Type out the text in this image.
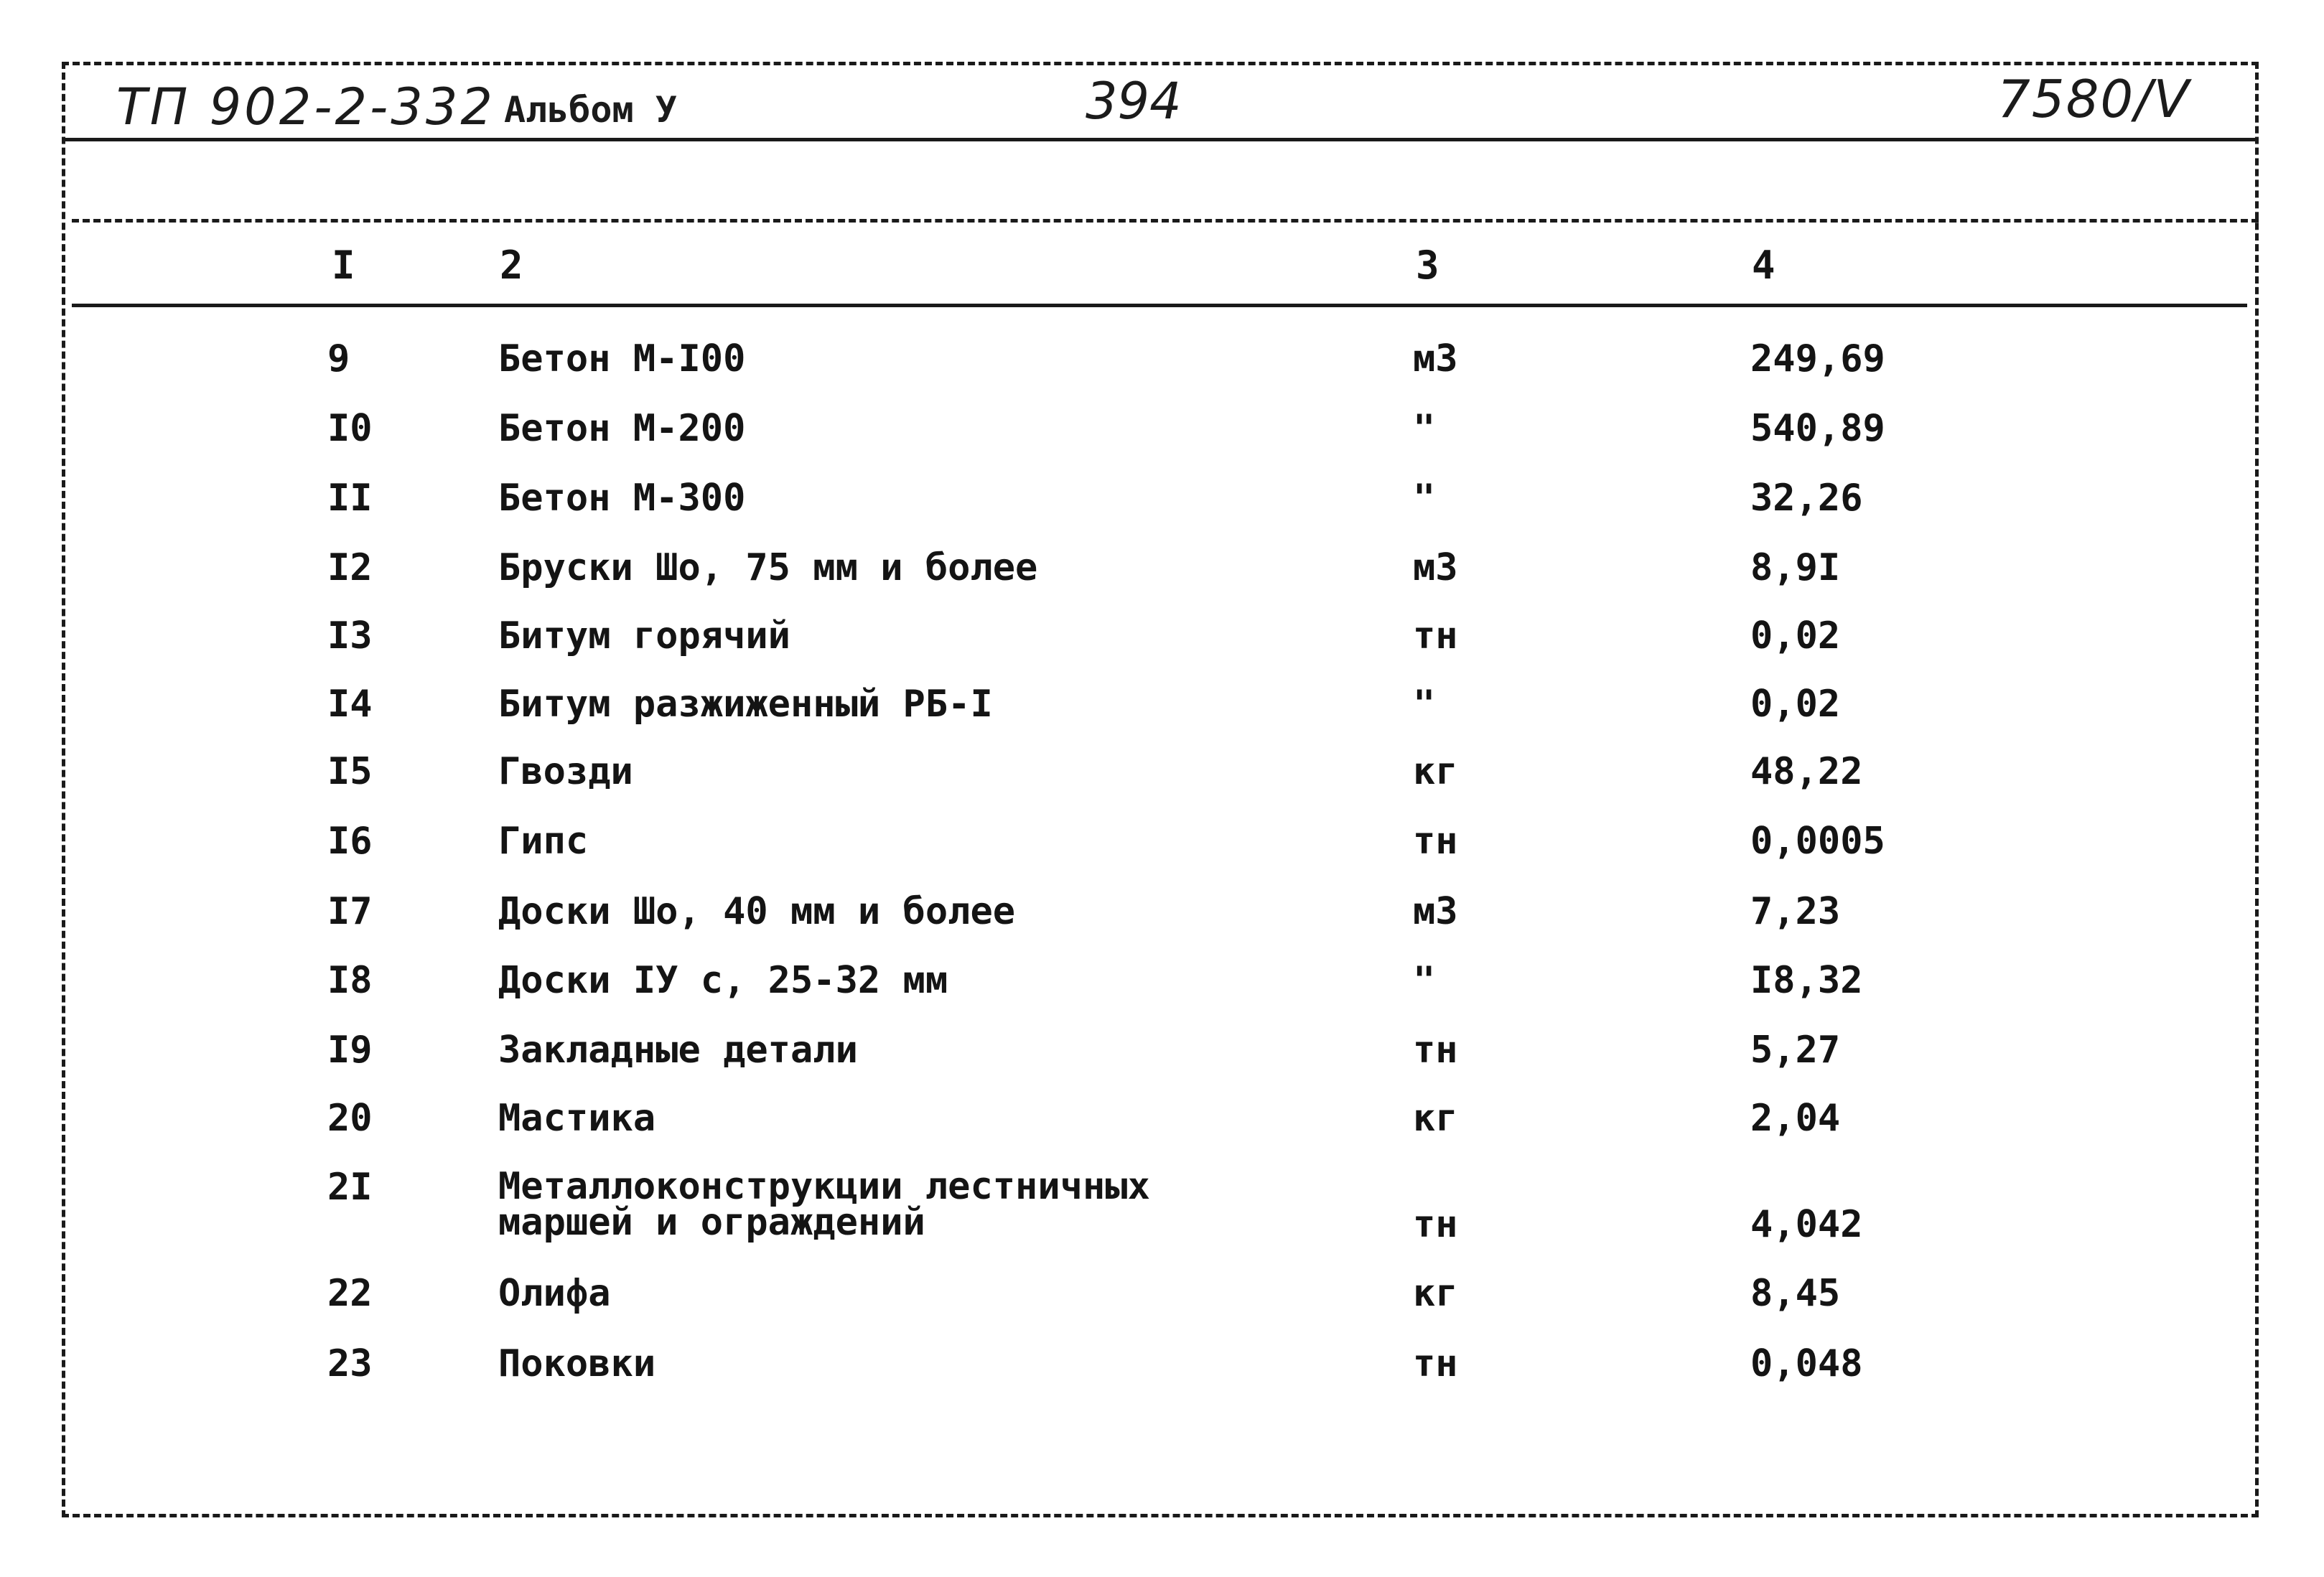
ТП 902-2-332 Альбом У	394	7580/V
I	2	3	4
9	Бетон М-I00	м3	249,69
I0	Бетон М-200	"	540,89
II	Бетон М-300	"	32,26
I2	Бруски Шо, 75 мм и более	м3	8,9I
I3	Битум горячий	тн	0,02
I4	Битум разжиженный РБ-I	"	0,02
I5	Гвозди	кг	48,22
I6	Гипс	тн	0,0005
I7	Доски Шо, 40 мм и более	м3	7,23
I8	Доски IУ с, 25-32 мм	"	I8,32
I9	Закладные детали	тн	5,27
20	Мастика	кг	2,04
2I	Металлоконструкции лестничных
маршей и ограждений	тн	4,042
22	Олифа	кг	8,45
23	Поковки	тн	0,048
